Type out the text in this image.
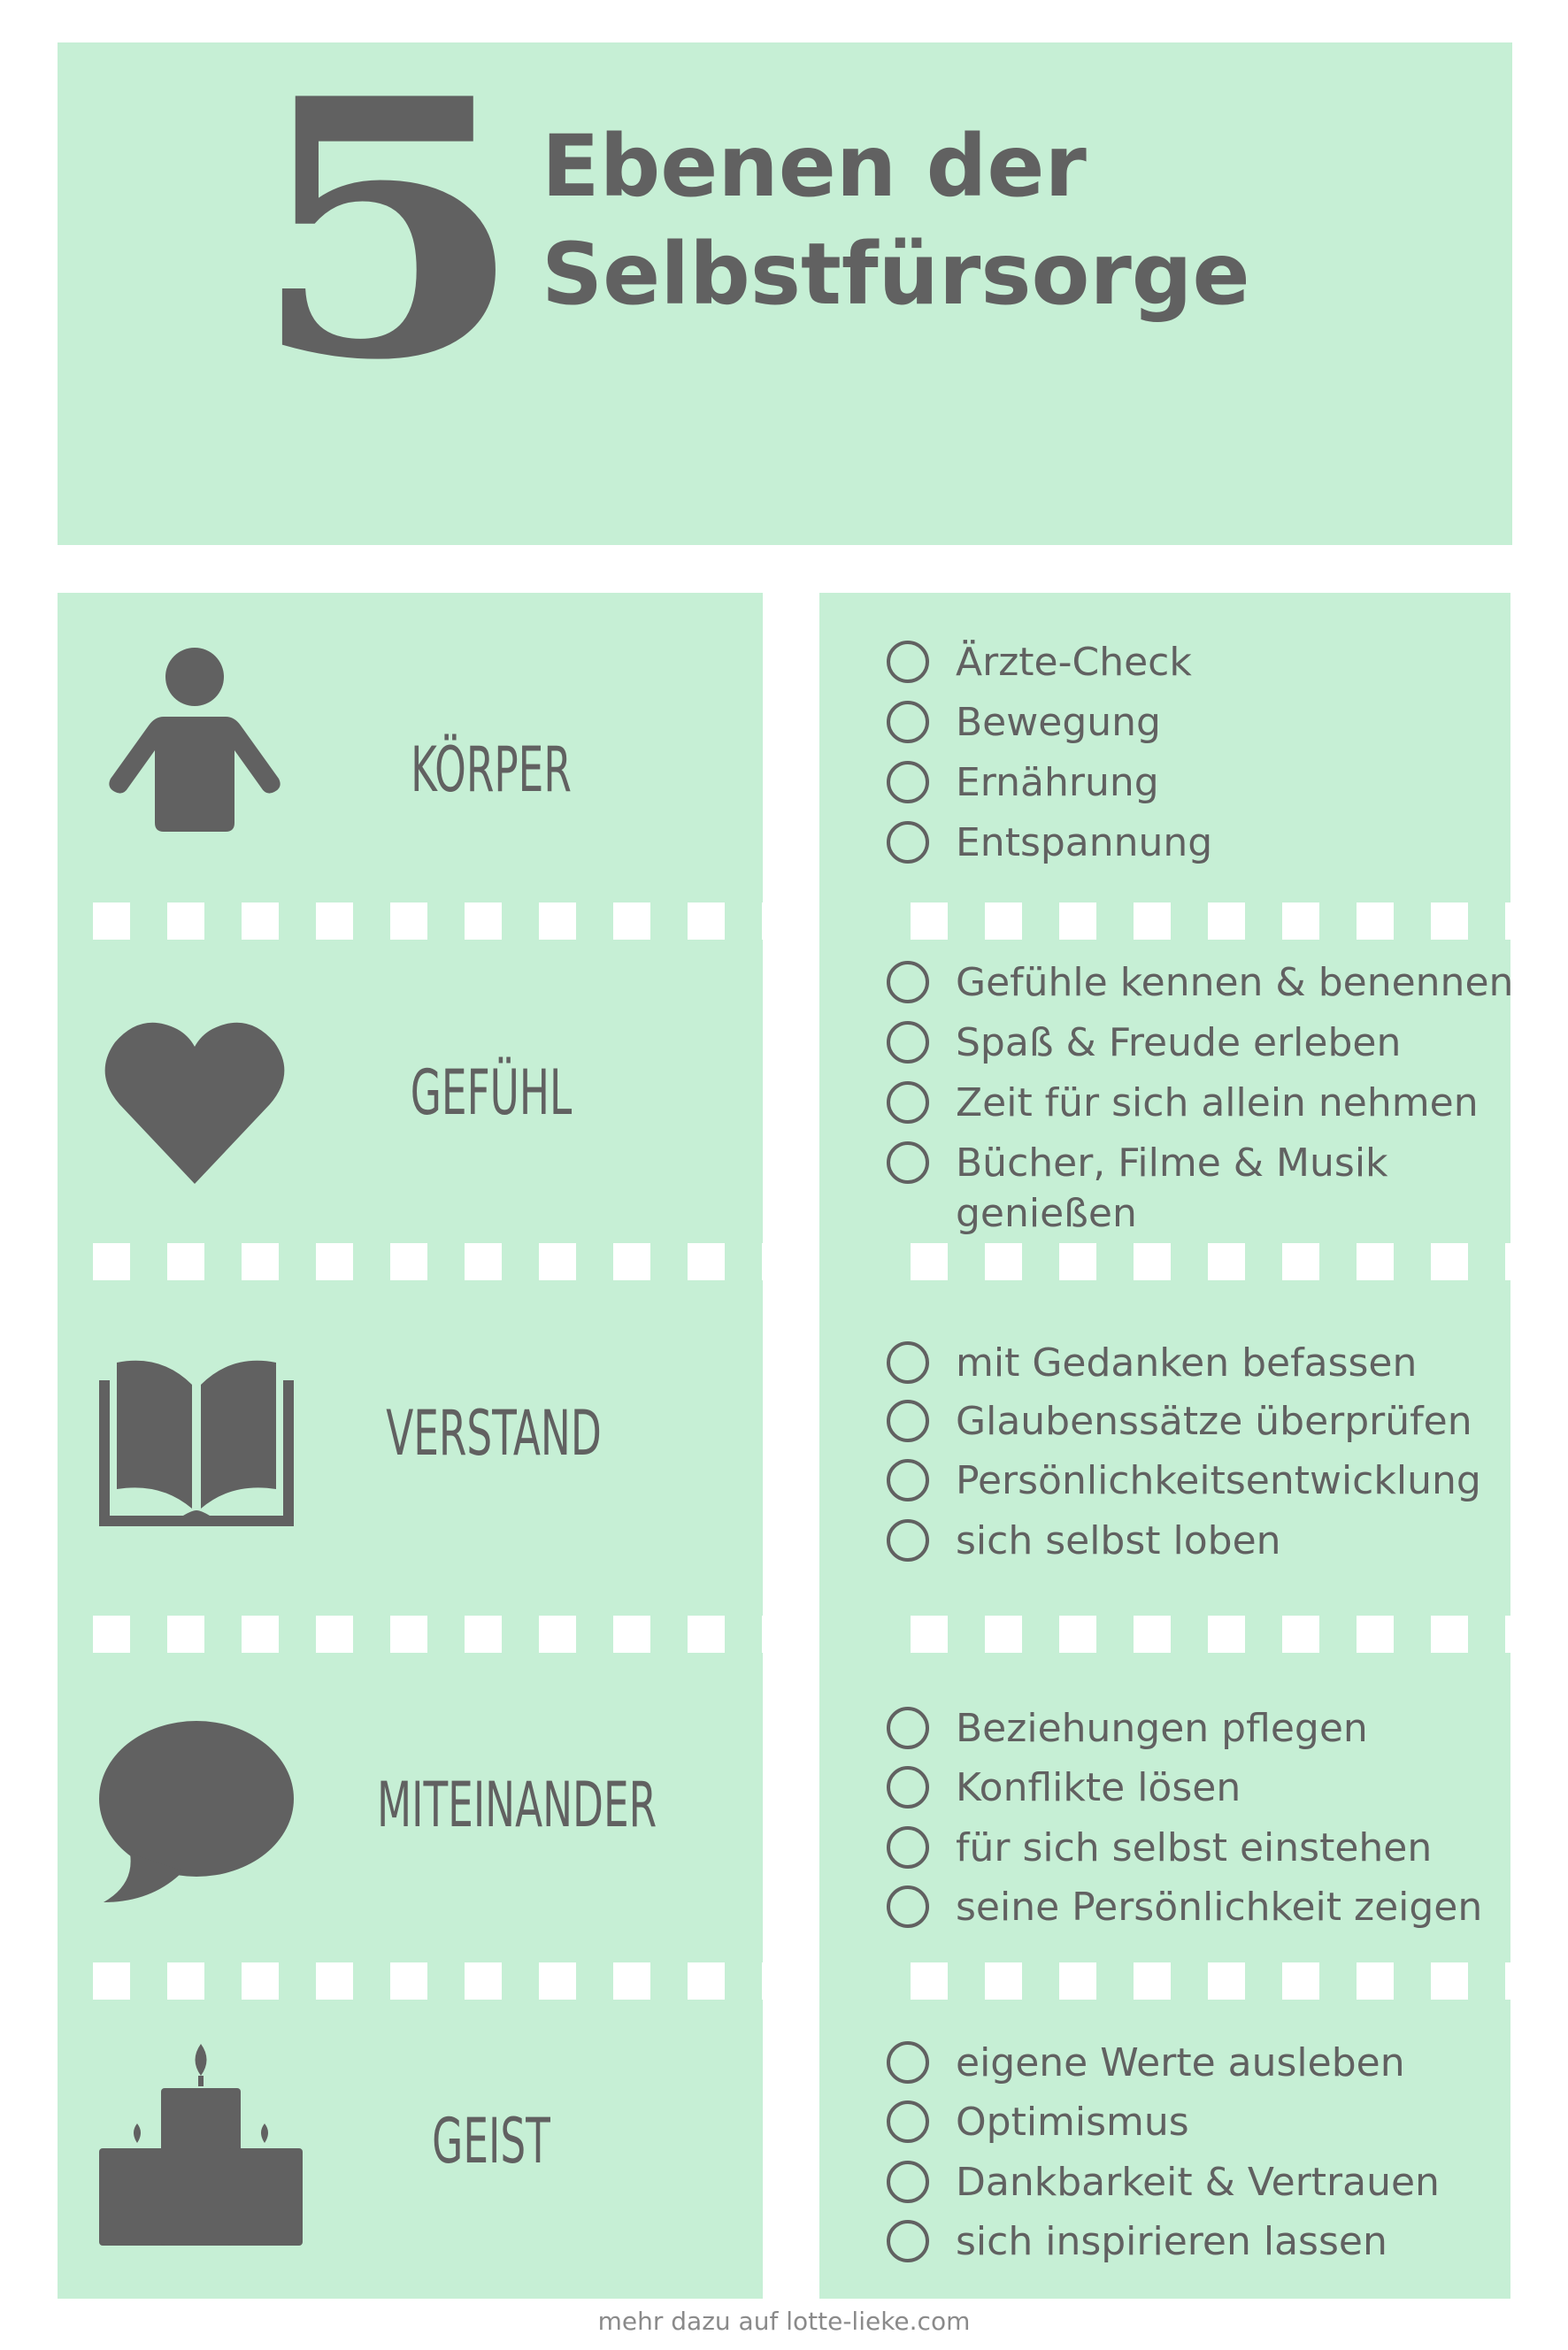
5 Ebenen der
Selbstfürsorge
KÖRPER
Ärzte-Check
Bewegung
Ernährung
Entspannung
GEFÜHL
Gefühle kennen & benennen
Spaß & Freude erleben
Zeit für sich allein nehmen
Bücher, Filme & Musik
genießen
VERSTAND
mit Gedanken befassen
Glaubenssätze überprüfen
Persönlichkeitsentwicklung
sich selbst loben
MITEINANDER
Beziehungen pflegen
Konflikte lösen
für sich selbst einstehen
seine Persönlichkeit zeigen
GEIST
eigene Werte ausleben
Optimismus
Dankbarkeit & Vertrauen
sich inspirieren lassen
mehr dazu auf lotte-lieke.com
